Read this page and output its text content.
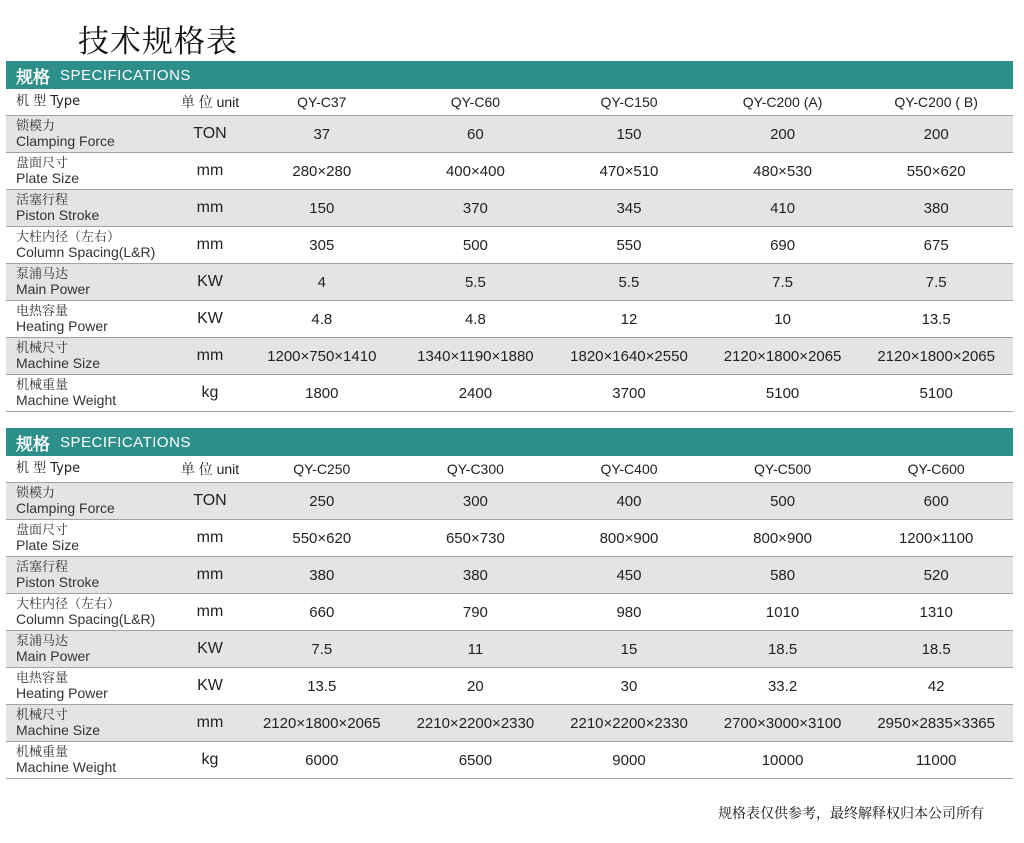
技术规格表
规格 SPECIFICATIONS
机 型 Type	单 位 unit	QY-C37	QY-C60	QY-C150	QY-C200 (A)	QY-C200 ( B)
锁模力
Clamping Force	TON	37	60	150	200	200
盘面尺寸
Plate Size	mm	280×280	400×400	470×510	480×530	550×620
活塞行程
Piston Stroke	mm	150	370	345	410	380
大柱内径（左右）
Column Spacing(L&R)	mm	305	500	550	690	675
泵浦马达
Main Power	KW	4	5.5	5.5	7.5	7.5
电热容量
Heating Power	KW	4.8	4.8	12	10	13.5
机械尺寸
Machine Size	mm	1200×750×1410	1340×1190×1880	1820×1640×2550	2120×1800×2065	2120×1800×2065
机械重量
Machine Weight	kg	1800	2400	3700	5100	5100
规格 SPECIFICATIONS
机 型 Type	单 位 unit	QY-C250	QY-C300	QY-C400	QY-C500	QY-C600
锁模力
Clamping Force	TON	250	300	400	500	600
盘面尺寸
Plate Size	mm	550×620	650×730	800×900	800×900	1200×1100
活塞行程
Piston Stroke	mm	380	380	450	580	520
大柱内径（左右）
Column Spacing(L&R)	mm	660	790	980	1010	1310
泵浦马达
Main Power	KW	7.5	11	15	18.5	18.5
电热容量
Heating Power	KW	13.5	20	30	33.2	42
机械尺寸
Machine Size	mm	2120×1800×2065	2210×2200×2330	2210×2200×2330	2700×3000×3100	2950×2835×3365
机械重量
Machine Weight	kg	6000	6500	9000	10000	11000
规格表仅供参考，最终解释权归本公司所有
